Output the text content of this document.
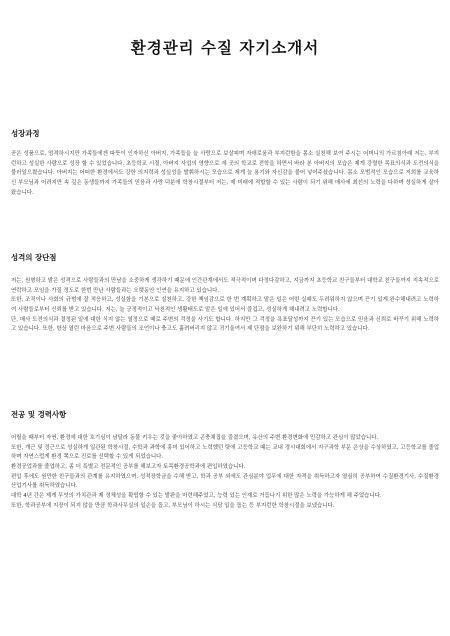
환경관리 수질 자기소개서
성장과정

곧은 성품으로, 엄격하시지만 가족들에겐 따뜻이 인자하신 아버지, 가족들을 늘 사랑으로 보살피며 자애로움과 부지런함을 몸소 실천해 보여 주시는 어머니의 가르침아래 저는, 부지런하고 성실한 사람으로 성장 할 수 있었습니다. 초등학교 시절, 아버지 사업의 영향으로 세 곳의 학교로 전학을 하면서 바라 본 아버지의 모습은 제게 강렬한 목표의식과 도전의식을 불러일으켰습니다. 아버지는 어떠한 환경에서도 강한 의지력과 성실성을 발휘하시는 모습으로 제게 늘 용기와 자신감을 불어 넣어주셨습니다. 몸소 모범적인 모습으로 저희를 교육하신 부모님과 어려지만 속 깊은 동생들까지 가족들의 믿음과 사랑 덕분에 학창시절부터 저는, 제 미래에 적합할 수 있는 사람이 되기 위해 매사에 최선의 노력을 다하며 성실하게 살아왔습니다.

성격의 장단점

저는, 원형하고 밝은 성격으로 사람들과의 만남을 소중하게 생각하기 때문에 인간관계에서도 적극적이며 다정다감하고, 지금까지 초등학교 친구들부터 대학교 친구들까지 지속적으로 연락하고 모임을 가질 정도로 한번 만난 사람들과는 오랫동안 인연을 유지하고 있습니다.

또한, 조직이나 사회의 규범에 잘 적응하고, 성실함을 기본으로 실천하고, 강한 책임감으로 한 번 계획하고 맡은 일은 어떤 실패도 두려워하지 않으며 끈기 있게 완수해내려고 노력하여 사람들로부터 신뢰를 받고 있습니다. 저는, 늘 긍정적이고 낙천적인 생활태도로 맡은 일에 있어서 즐겁고, 성실하게 해내려고 노력합니다.

단, 매사 도전의식과 결정된 일에 대한 식지 않는 열정으로 때로 주변의 걱정을 사기도 합니다. 하지만 그 걱정을 욕표달성까지 끈기 있는 모습으로 믿음과 신뢰로 바꾸기 위해 노력하고 있습니다. 또한, 항상 열린 마음으로 주변 사람들의 조언이나 충고도 흘려버리지 않고 귀기울여서 제 단점을 보완하기 위해 부단히 노력하고 있습니다.

전공 및 경력사항

어릴을 때부터 자연, 환경에 대한 호기심이 남달라 동물 키우는 것을 좋아하였고 곤충채집을 즐겼으며, 유산의 주변 환경변화에 민감하고 관심이 많았습니다.

또한, 개근 및 정근으로 성실하게 일관된 학창시절, 수학과 과학에 흥미 있어하고 노력했던 탓에 고등학교 때는 교내 경시대회에서 지구과학 부문 은상을 수상하였고, 고등학교를 졸업하며 자연스럽게 환경 쪽으로 진로를 선택할 수 있게 되었습니다.

환경공업과를 졸업하고, 좀 더 특별고 전문적인 공부를 해보고자 토목환경공학과에 편입하였습니다.

편입 후에도 원만한 친구들과의 관계를 유지하였으며, 성적장학금을 수혜 받고, 학과 공부 외에도 관심분야 업무에 대한 자격을 취득하고자 열심히 공부하여 수질환경기사, 수질환경산업기사를 취득하였습니다.

대학 4년 간은 제게 무엇의 가치관과 제 정체성을 확립할 수 있는 발판을 마련해주었고, 능력 있는 인재로 거듭나기 위한 많은 노력을 가능하게 해 주었습니다.

또한, 학과공부에 지장이 되지 않을 만큼 학과사무실의 일손을 돕고, 부모님이 하시는 식당 일을 돕는 등 부지런한 학창시절을 보냈습니다.
